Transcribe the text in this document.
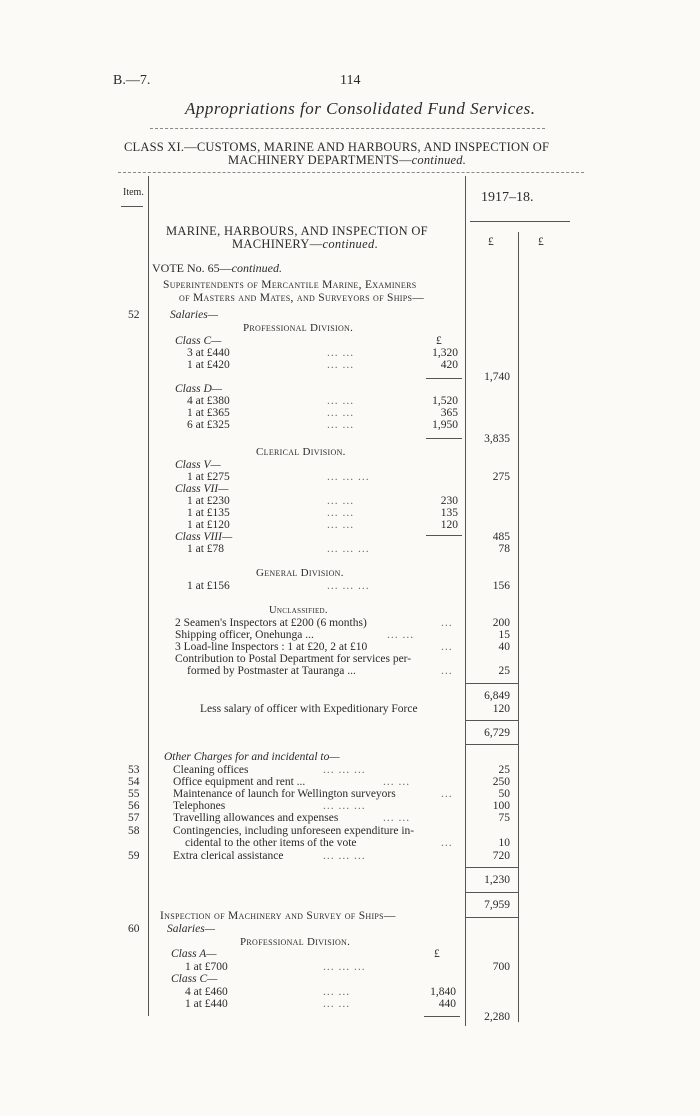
B.—7.	114
Appropriations for Consolidated Fund Services.
CLASS XI.—CUSTOMS, MARINE AND HARBOURS, AND INSPECTION OF
MACHINERY DEPARTMENTS—continued.
Item.	1917–18.
£	£
MARINE, HARBOURS, AND INSPECTION OF
MACHINERY—continued.
VOTE No. 65—continued.
Superintendents of Mercantile Marine, Examiners
of Masters and Mates, and Surveyors of Ships—
52	Salaries—
Professional Division.
£
Class C—
3 at £440	... ...	1,320
1 at £420	... ...	420
1,740
Class D—
4 at £380	... ...	1,520
1 at £365	... ...	365
6 at £325	... ...	1,950
3,835
Clerical Division.
Class V—
1 at £275	... ... ...	275
Class VII—
1 at £230	... ...	230
1 at £135	... ...	135
1 at £120	... ...	120
Class VIII—	485
1 at £78	... ... ...	78
General Division.
1 at £156	... ... ...	156
Unclassified.
2 Seamen's Inspectors at £200 (6 months)	...	200
Shipping officer, Onehunga ...	... ...	15
3 Load-line Inspectors : 1 at £20, 2 at £10	...	40
Contribution to Postal Department for services per-
formed by Postmaster at Tauranga ...	...	25
6,849
Less salary of officer with Expeditionary Force	120
6,729
Other Charges for and incidental to—
53	Cleaning offices	... ... ...	25
54	Office equipment and rent ...	... ...	250
55	Maintenance of launch for Wellington surveyors	...	50
56	Telephones	... ... ...	100
57	Travelling allowances and expenses	... ...	75
58	Contingencies, including unforeseen expenditure in-
cidental to the other items of the vote	...	10
59	Extra clerical assistance	... ... ...	720
1,230
7,959
Inspection of Machinery and Survey of Ships—
60 Salaries—
Professional Division.
£
Class A—
1 at £700	... ... ...	700
Class C—
4 at £460	... ...	1,840
1 at £440	... ...	440
2,280
